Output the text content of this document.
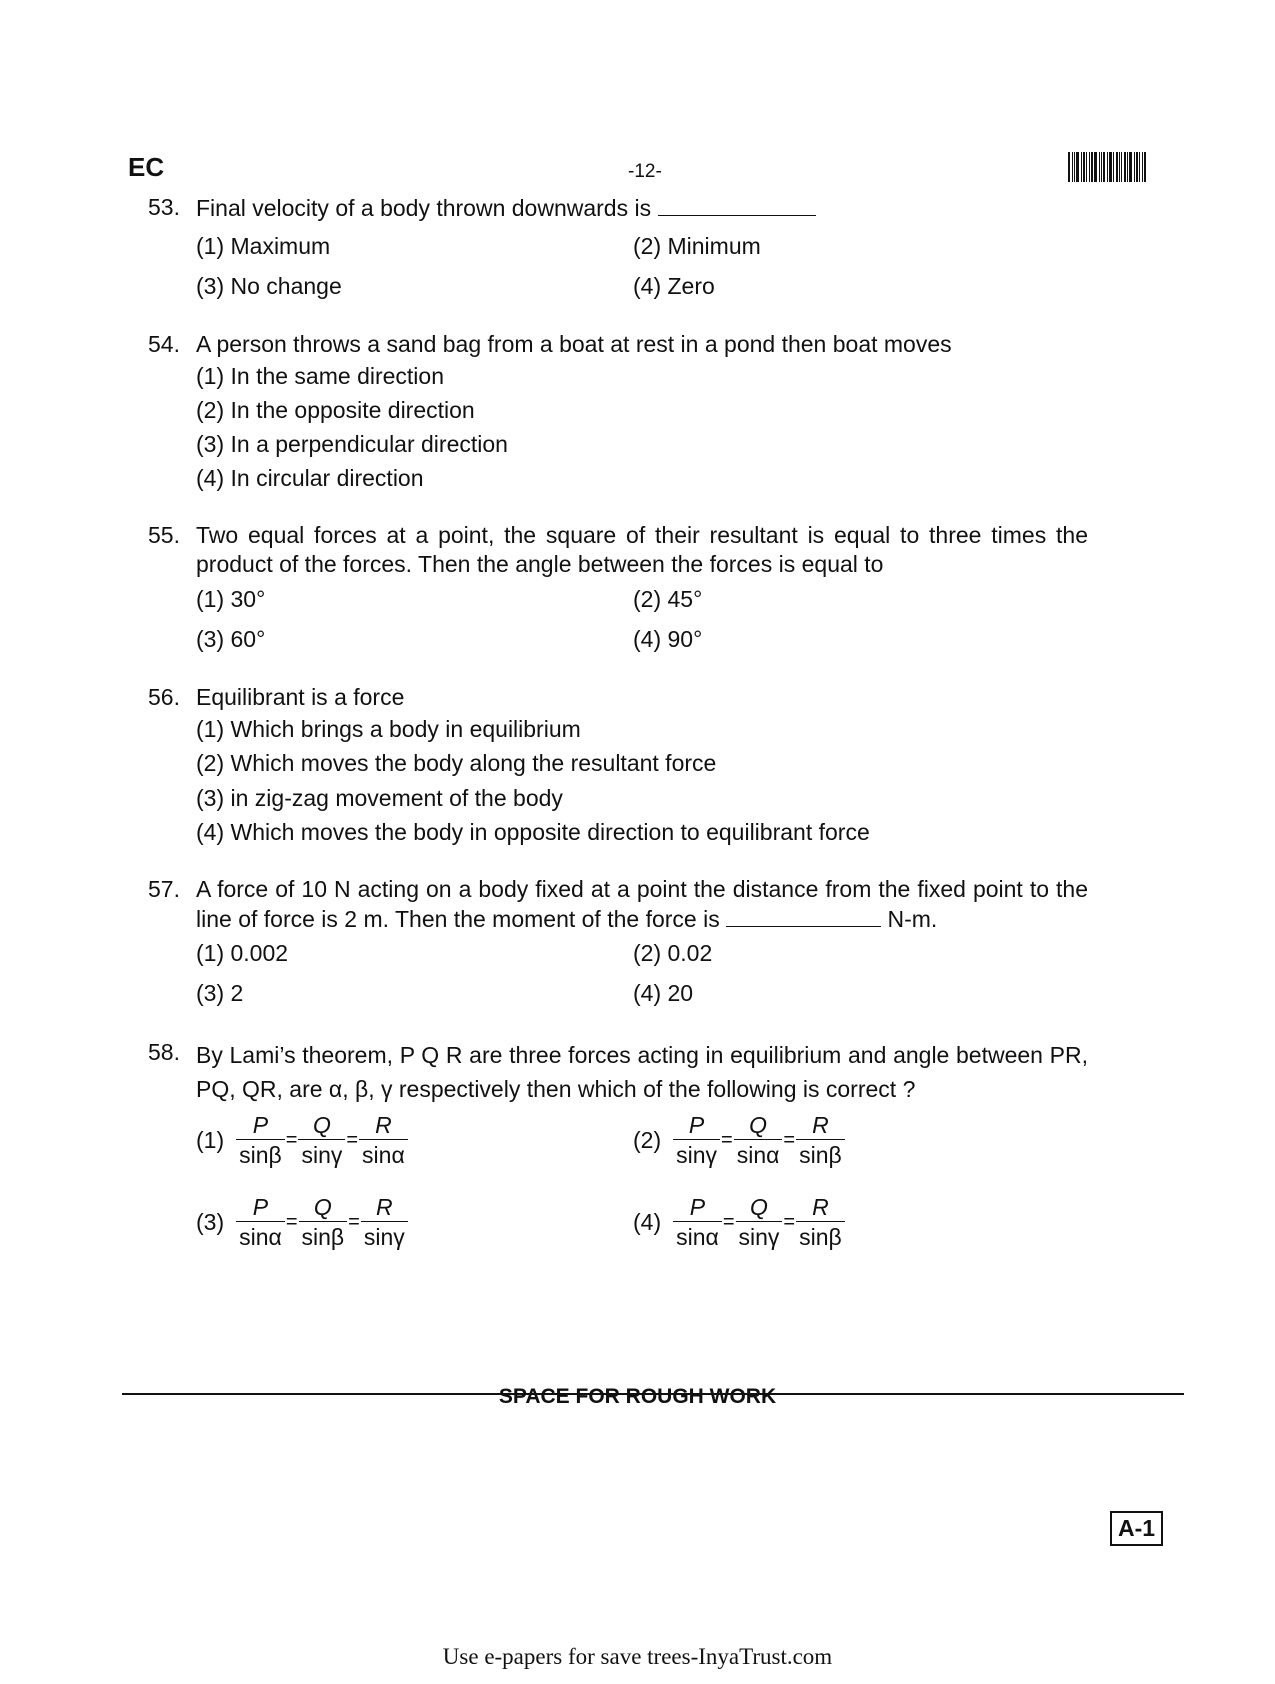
EC	-12-
53. Final velocity of a body thrown downwards is
(1) Maximum	(2) Minimum
(3) No change	(4) Zero
54. A person throws a sand bag from a boat at rest in a pond then boat moves
(1) In the same direction
(2) In the opposite direction
(3) In a perpendicular direction
(4) In circular direction
55. Two equal forces at a point, the square of their resultant is equal to three times the product of the forces. Then the angle between the forces is equal to
(1) 30°	(2) 45°
(3) 60°	(4) 90°
56. Equilibrant is a force
(1) Which brings a body in equilibrium
(2) Which moves the body along the resultant force
(3) in zig-zag movement of the body
(4) Which moves the body in opposite direction to equilibrant force
57. A force of 10 N acting on a body fixed at a point the distance from the fixed point to the line of force is 2 m. Then the moment of the force is	N-m.
(1) 0.002	(2) 0.02
(3) 2	(4) 20
58. By Lami’s theorem, P Q R are three forces acting in equilibrium and angle between PR, PQ, QR, are α, β, γ respectively then which of the following is correct ?
$(1) \frac{P}{\sin\beta} = \frac{Q}{\sin\gamma} = \frac{R}{\sin\alpha}$	$(2) \frac{P}{\sin\gamma} = \frac{Q}{\sin\alpha} = \frac{R}{\sin\beta}$
$(3) \frac{P}{\sin\alpha} = \frac{Q}{\sin\beta} = \frac{R}{\sin\gamma}$	$(4) \frac{P}{\sin\alpha} = \frac{Q}{\sin\gamma} = \frac{R}{\sin\beta}$
SPACE FOR ROUGH WORK
A-1
Use e-papers for save trees-InyaTrust.com
